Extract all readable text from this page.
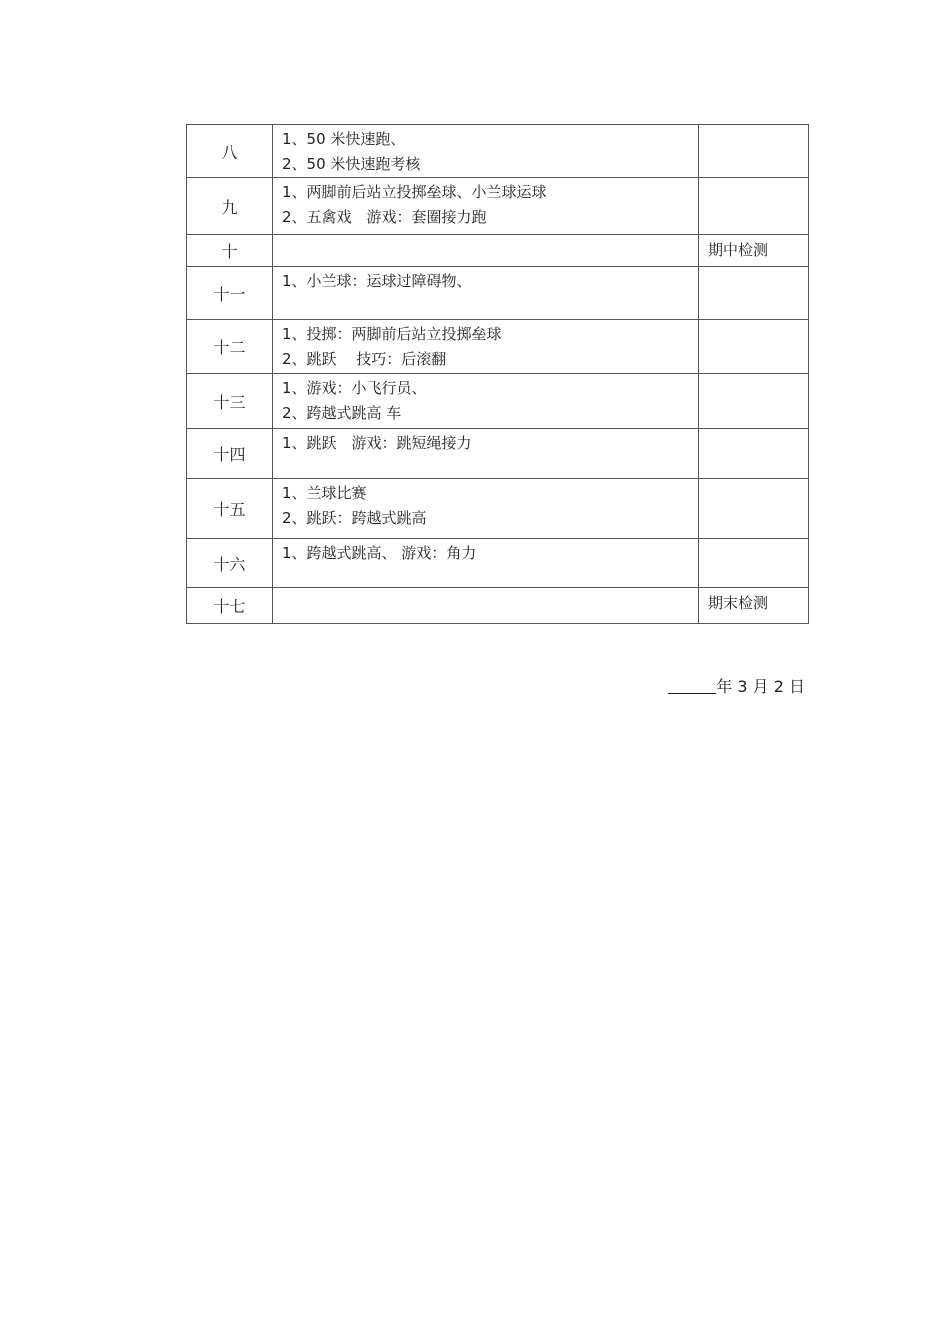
八	1、50 米快速跑、
2、50 米快速跑考核	

九	1、两脚前后站立投掷垒球、小兰球运球
2、五禽戏　游戏：套圈接力跑	

十		期中检测
十一	1、小兰球：运球过障碍物、	

十二	1、投掷：两脚前后站立投掷垒球
2、跳跃　 技巧：后滚翻	

十三	1、游戏：小飞行员、
2、跨越式跳高 车	

十四	1、跳跃　游戏：跳短绳接力	

十五	1、兰球比赛
2、跳跃：跨越式跳高	

十六	1、跨越式跳高、 游戏：角力	

十七		期末检测
年 3 月 2 日
